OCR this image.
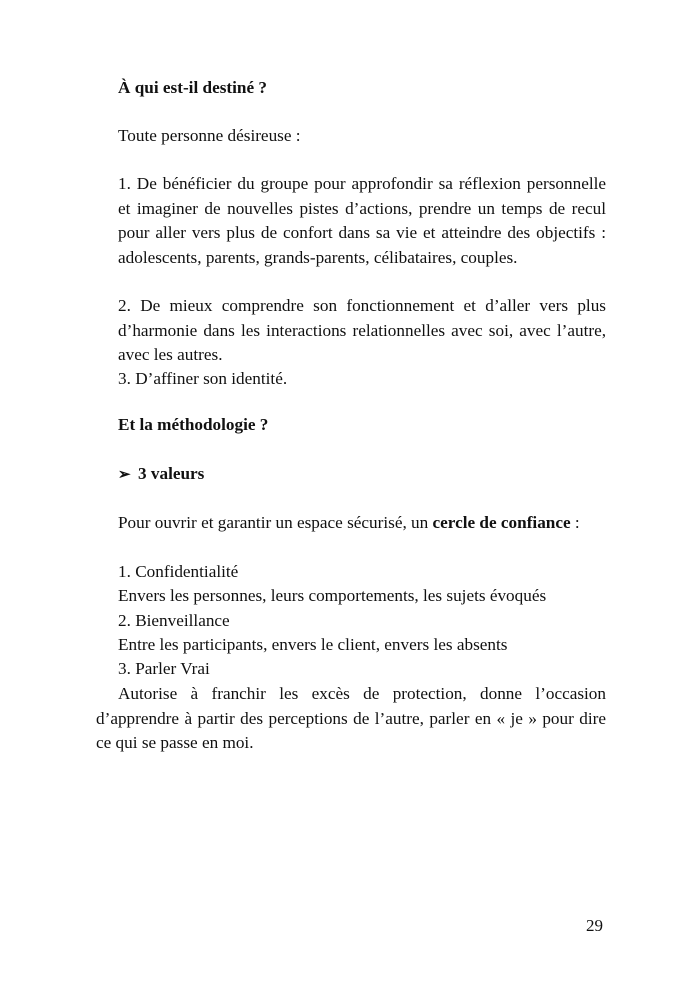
À qui est-il destiné ?
Toute personne désireuse :
1. De bénéficier du groupe pour approfondir sa réflexion personnelle et imaginer de nouvelles pistes d’actions, prendre un temps de recul pour aller vers plus de confort dans sa vie et atteindre des objectifs : adolescents, parents, grands-parents, célibataires, couples.
2. De mieux comprendre son fonctionnement et d’aller vers plus d’harmonie dans les interactions relationnelles avec soi, avec l’autre, avec les autres.
3. D’affiner son identité.
Et la méthodologie ?
➢ 3 valeurs
Pour ouvrir et garantir un espace sécurisé, un cercle de confiance :
1. Confidentialité
Envers les personnes, leurs comportements, les sujets évoqués
2. Bienveillance
Entre les participants, envers le client, envers les absents
3. Parler Vrai
Autorise à franchir les excès de protection, donne l’occasion d’apprendre à partir des perceptions de l’autre, parler en « je » pour dire ce qui se passe en moi.
29
